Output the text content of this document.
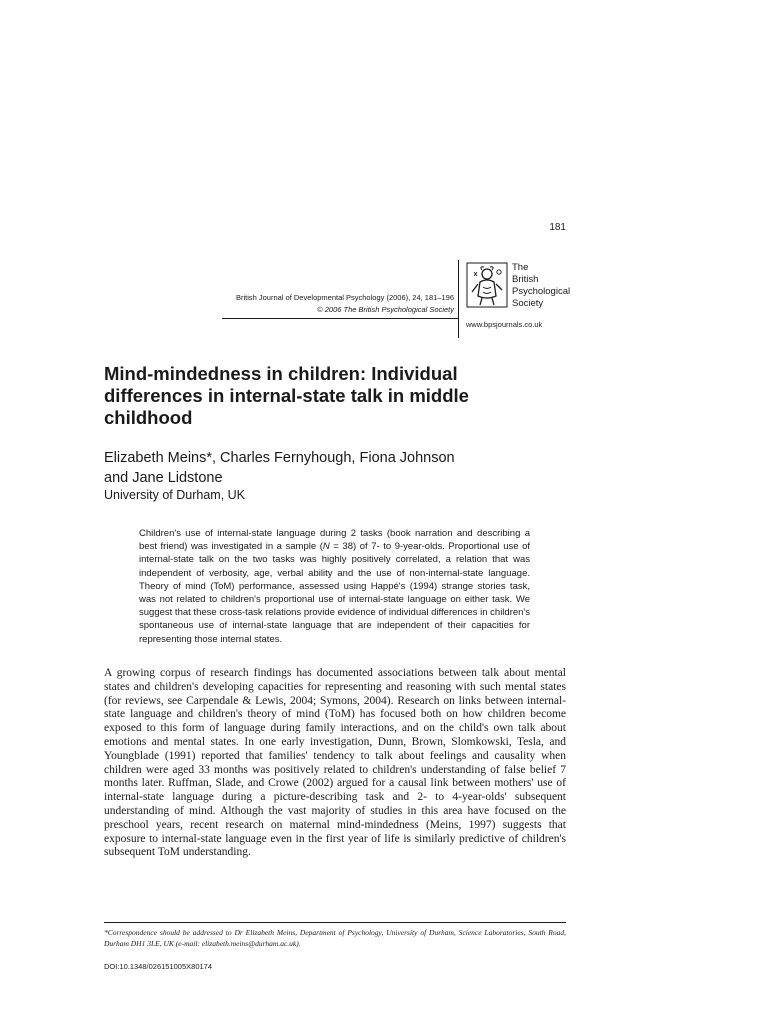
181
British Journal of Developmental Psychology (2006), 24, 181–196
© 2006 The British Psychological Society
The
British
Psychological
Society
www.bpsjournals.co.uk
Mind-mindedness in children: Individual differences in internal-state talk in middle childhood
Elizabeth Meins*, Charles Fernyhough, Fiona Johnson
and Jane Lidstone
University of Durham, UK
Children's use of internal-state language during 2 tasks (book narration and describing a best friend) was investigated in a sample (N = 38) of 7- to 9-year-olds. Proportional use of internal-state talk on the two tasks was highly positively correlated, a relation that was independent of verbosity, age, verbal ability and the use of non-internal-state language. Theory of mind (ToM) performance, assessed using Happé's (1994) strange stories task, was not related to children's proportional use of internal-state language on either task. We suggest that these cross-task relations provide evidence of individual differences in children's spontaneous use of internal-state language that are independent of their capacities for representing those internal states.
A growing corpus of research findings has documented associations between talk about mental states and children's developing capacities for representing and reasoning with such mental states (for reviews, see Carpendale & Lewis, 2004; Symons, 2004). Research on links between internal-state language and children's theory of mind (ToM) has focused both on how children become exposed to this form of language during family interactions, and on the child's own talk about emotions and mental states. In one early investigation, Dunn, Brown, Slomkowski, Tesla, and Youngblade (1991) reported that families' tendency to talk about feelings and causality when children were aged 33 months was positively related to children's understanding of false belief 7 months later. Ruffman, Slade, and Crowe (2002) argued for a causal link between mothers' use of internal-state language during a picture-describing task and 2- to 4-year-olds' subsequent understanding of mind. Although the vast majority of studies in this area have focused on the preschool years, recent research on maternal mind-mindedness (Meins, 1997) suggests that exposure to internal-state language even in the first year of life is similarly predictive of children's subsequent ToM understanding.
*Correspondence should be addressed to Dr Elizabeth Meins, Department of Psychology, University of Durham, Science Laboratories, South Road, Durham DH1 3LE, UK (e-mail: elizabeth.meins@durham.ac.uk).
DOI:10.1348/026151005X80174
